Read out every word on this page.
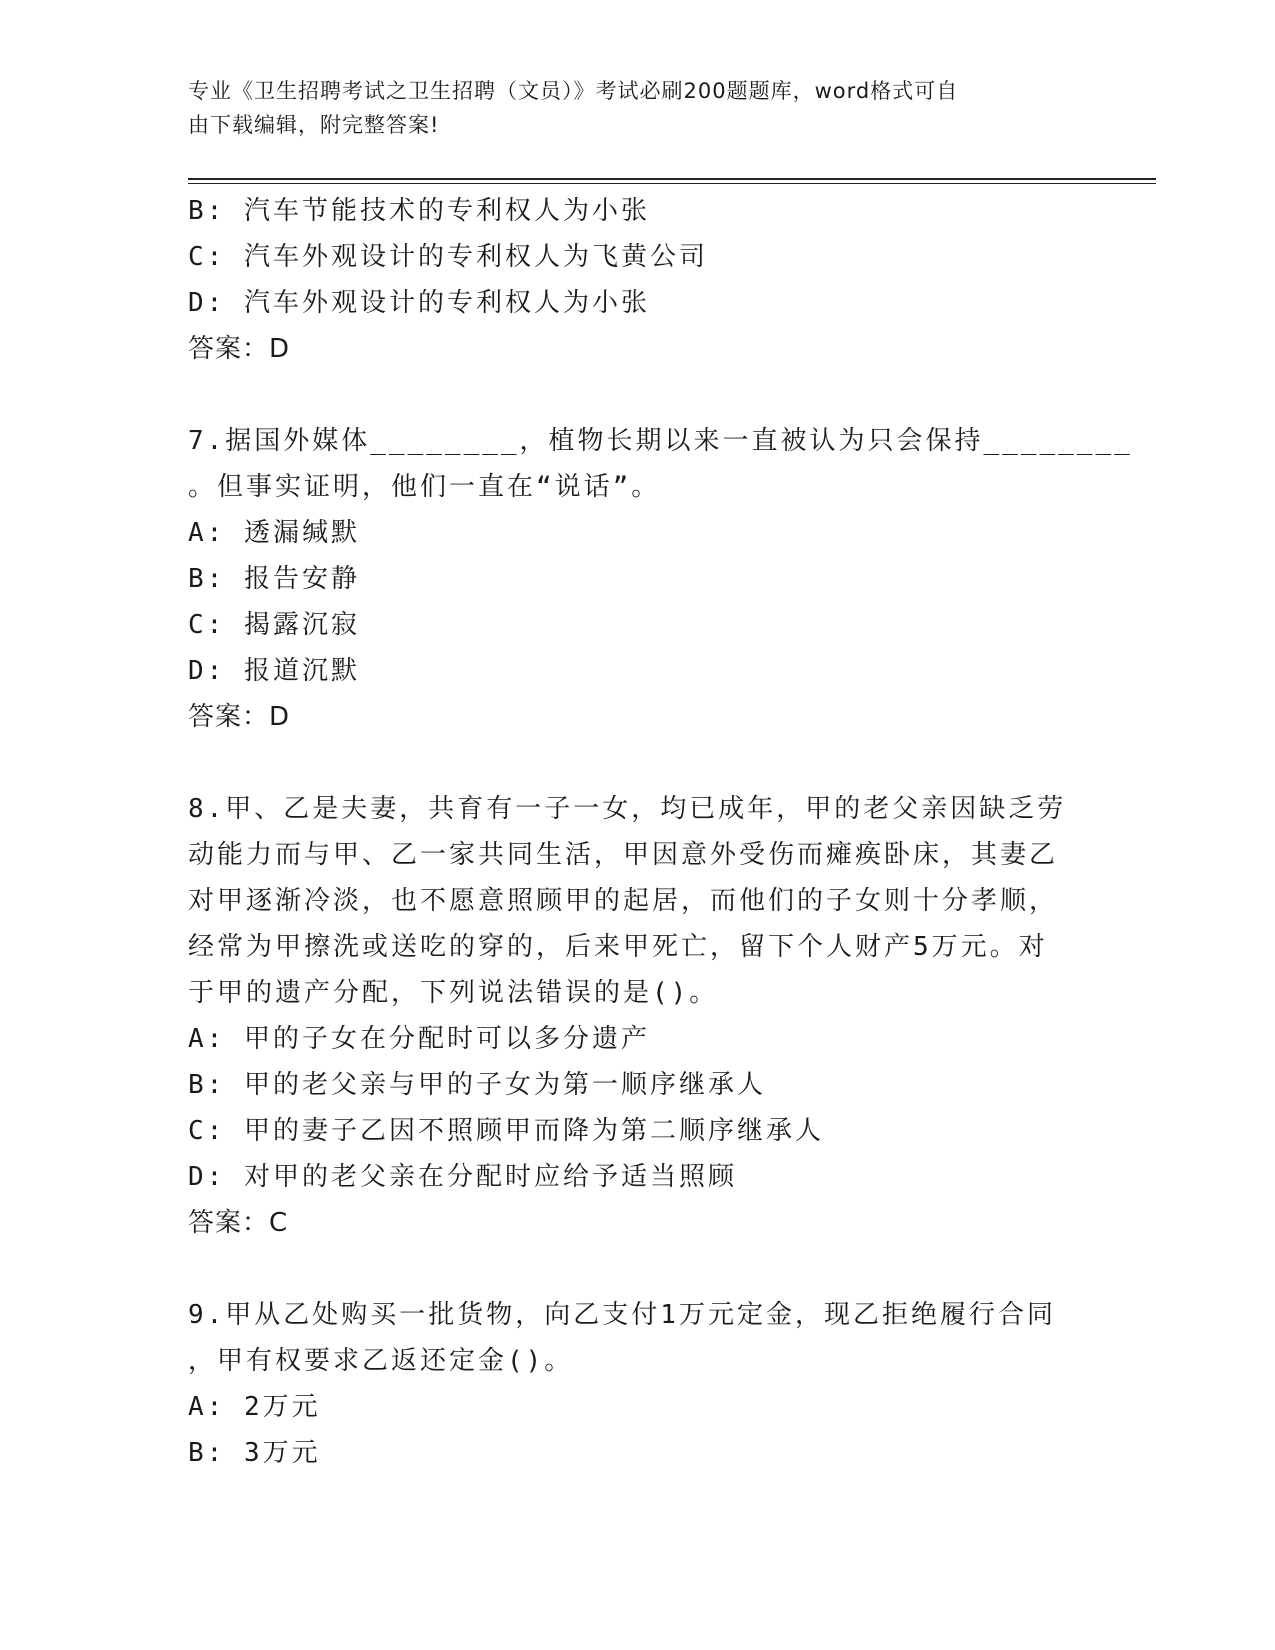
专业《卫生招聘考试之卫生招聘（文员）》考试必刷200题题库，word格式可自
由下载编辑，附完整答案!
B: 汽车节能技术的专利权人为小张
C: 汽车外观设计的专利权人为飞黄公司
D: 汽车外观设计的专利权人为小张
答案：D
7.据国外媒体________，植物长期以来一直被认为只会保持________
。但事实证明，他们一直在“说话”。
A: 透漏缄默
B: 报告安静
C: 揭露沉寂
D: 报道沉默
答案：D
8.甲、乙是夫妻，共育有一子一女，均已成年，甲的老父亲因缺乏劳
动能力而与甲、乙一家共同生活，甲因意外受伤而瘫痪卧床，其妻乙
对甲逐渐冷淡，也不愿意照顾甲的起居，而他们的子女则十分孝顺，
经常为甲擦洗或送吃的穿的，后来甲死亡，留下个人财产5万元。对
于甲的遗产分配，下列说法错误的是()。
A: 甲的子女在分配时可以多分遗产
B: 甲的老父亲与甲的子女为第一顺序继承人
C: 甲的妻子乙因不照顾甲而降为第二顺序继承人
D: 对甲的老父亲在分配时应给予适当照顾
答案：C
9.甲从乙处购买一批货物，向乙支付1万元定金，现乙拒绝履行合同
，甲有权要求乙返还定金()。
A: 2万元
B: 3万元
